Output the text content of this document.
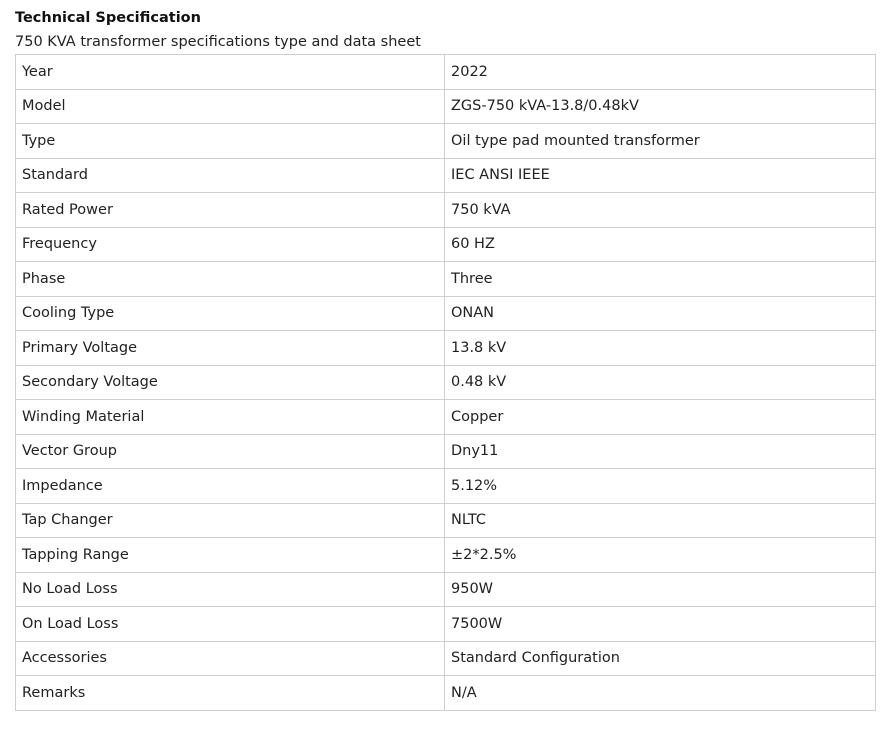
Technical Specification
750 KVA transformer specifications type and data sheet
Year	2022
Model	ZGS-750 kVA-13.8/0.48kV
Type	Oil type pad mounted transformer
Standard	IEC ANSI IEEE
Rated Power	750 kVA
Frequency	60 HZ
Phase	Three
Cooling Type	ONAN
Primary Voltage	13.8 kV
Secondary Voltage	0.48 kV
Winding Material	Copper
Vector Group	Dny11
Impedance	5.12%
Tap Changer	NLTC
Tapping Range	±2*2.5%
No Load Loss	950W
On Load Loss	7500W
Accessories	Standard Configuration
Remarks	N/A
